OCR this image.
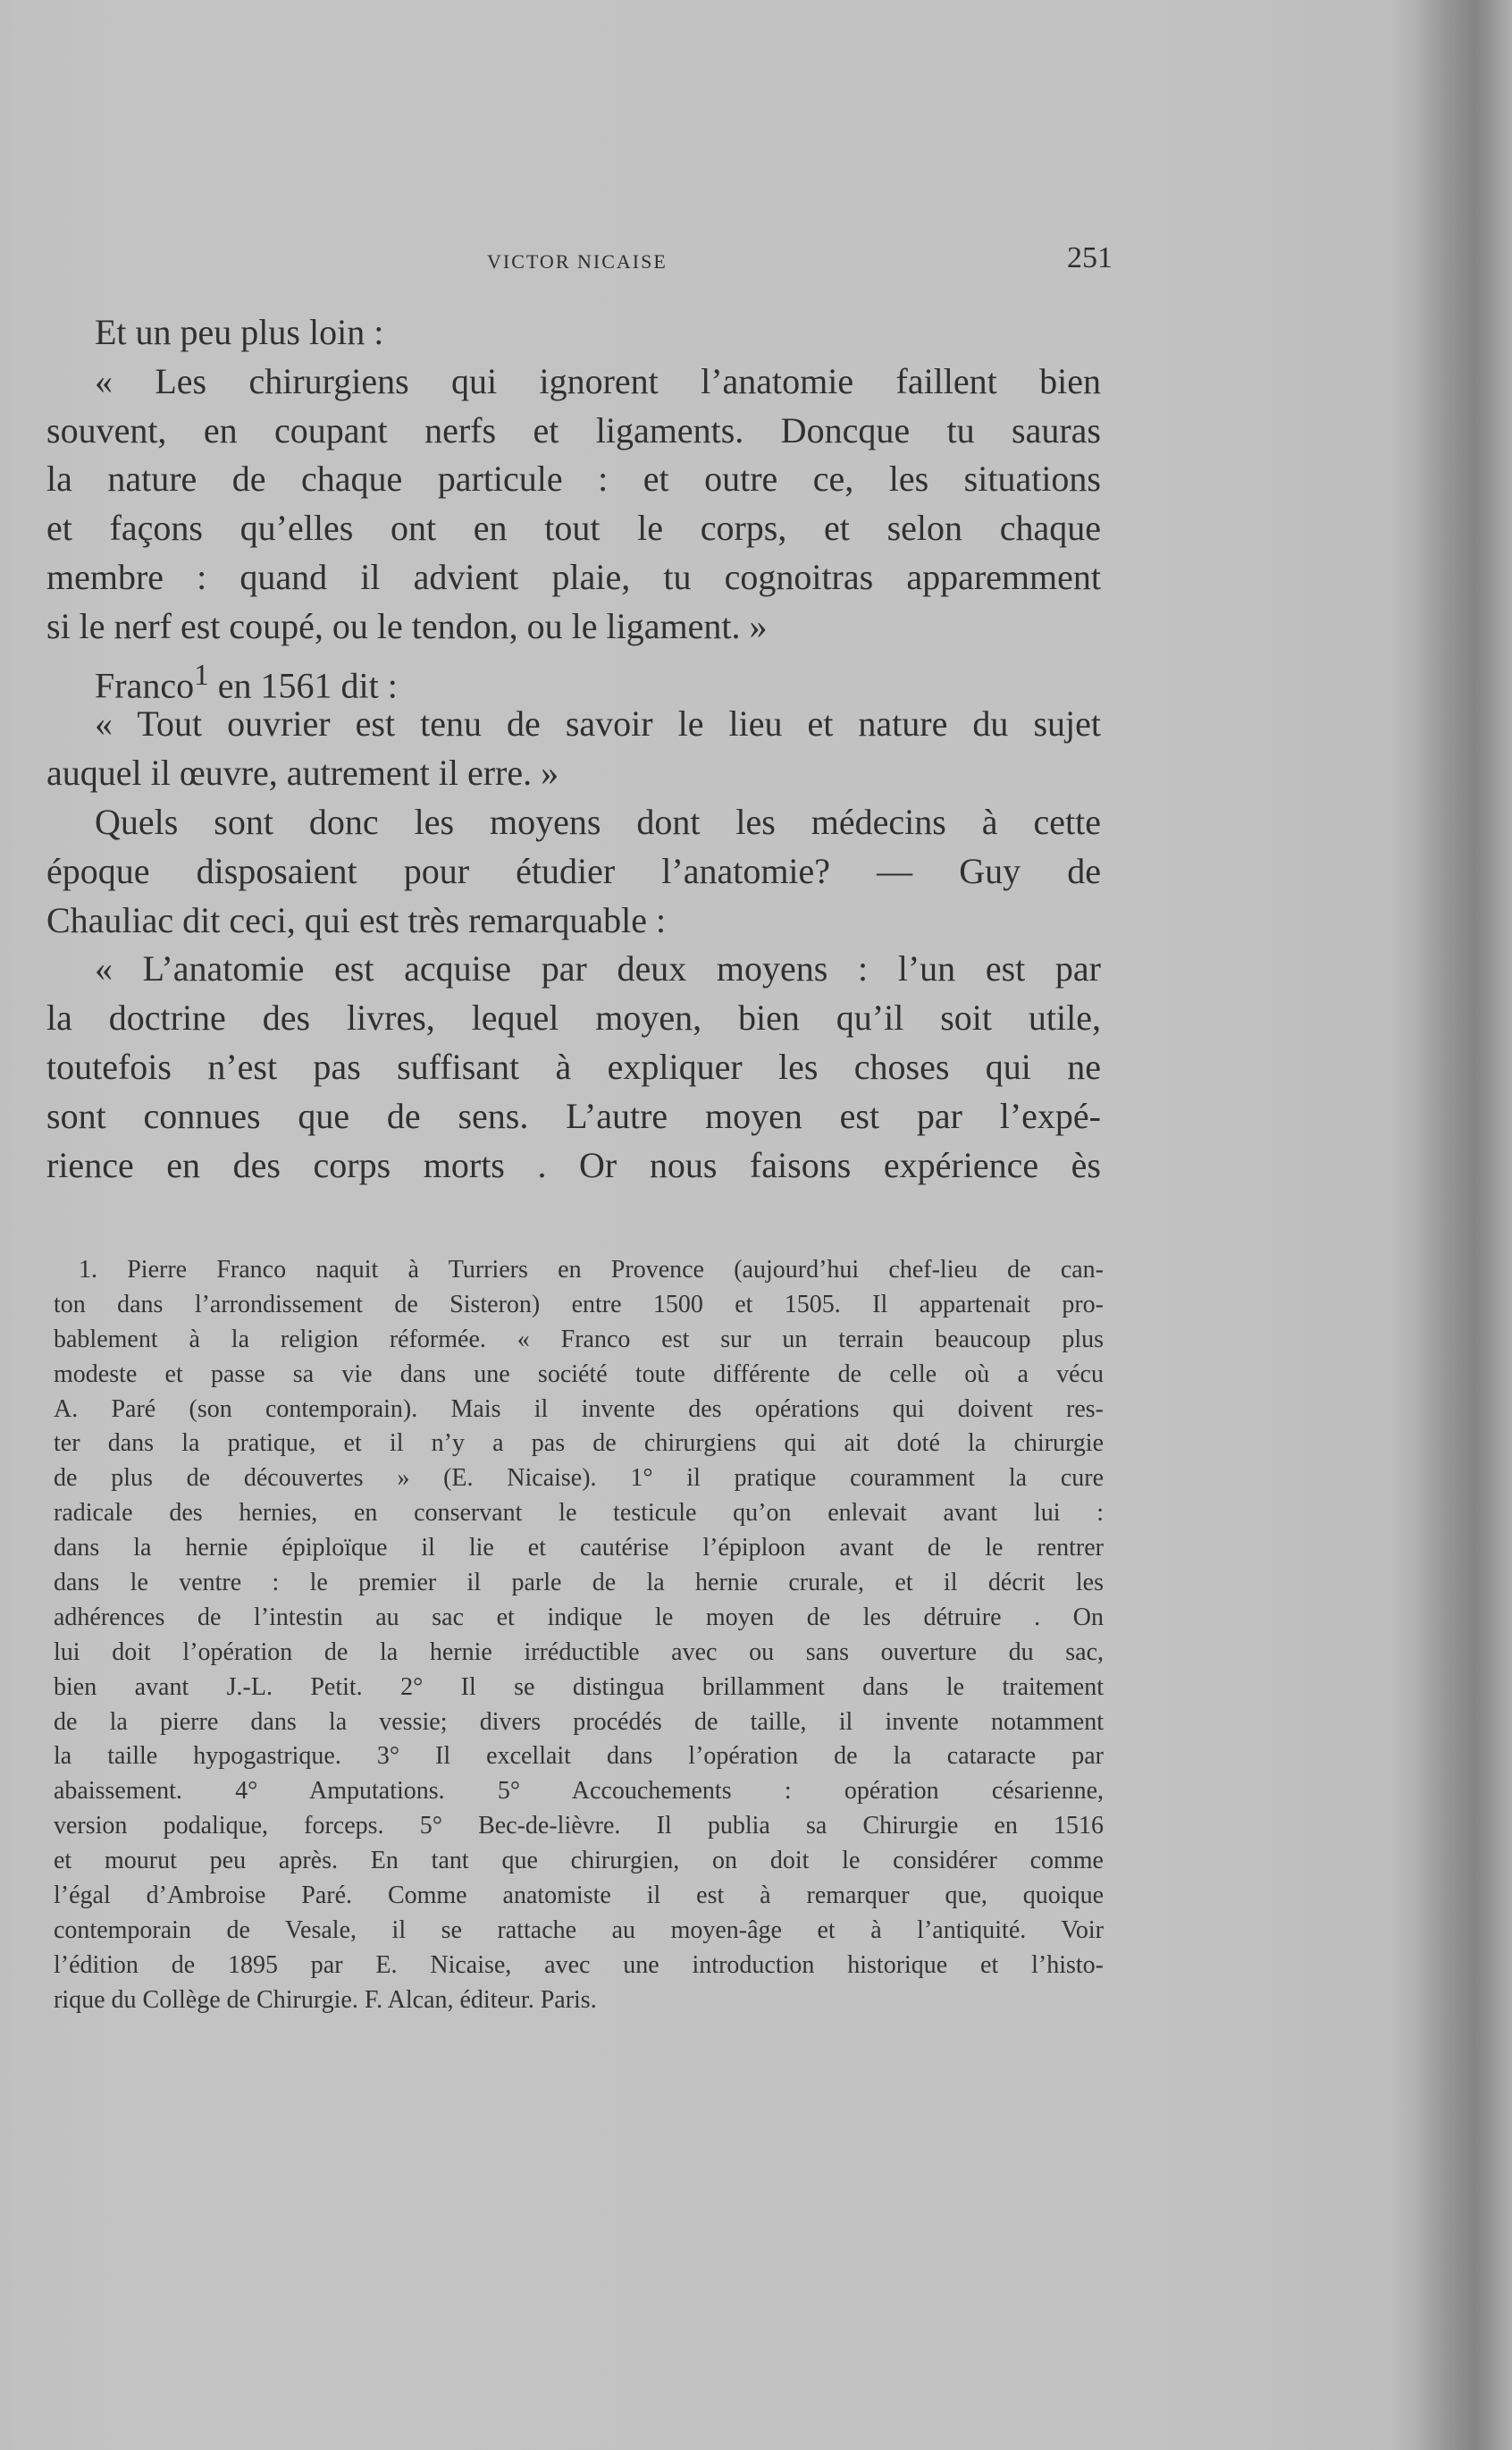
VICTOR NICAISE	251
Et un peu plus loin :
« Les chirurgiens qui ignorent l’anatomie faillent bien
souvent, en coupant nerfs et ligaments. Doncque tu sauras
la nature de chaque particule : et outre ce, les situations
et façons qu’elles ont en tout le corps, et selon chaque
membre : quand il advient plaie, tu cognoitras apparemment
si le nerf est coupé, ou le tendon, ou le ligament. »
Franco$^1$ en 1561 dit :
« Tout ouvrier est tenu de savoir le lieu et nature du sujet
auquel il œuvre, autrement il erre. »
Quels sont donc les moyens dont les médecins à cette
époque disposaient pour étudier l’anatomie? — Guy de
Chauliac dit ceci, qui est très remarquable :
« L’anatomie est acquise par deux moyens : l’un est par
la doctrine des livres, lequel moyen, bien qu’il soit utile,
toutefois n’est pas suffisant à expliquer les choses qui ne
sont connues que de sens. L’autre moyen est par l’expé-
rience en des corps morts . Or nous faisons expérience ès
1. Pierre Franco naquit à Turriers en Provence (aujourd’hui chef-lieu de can-
ton dans l’arrondissement de Sisteron) entre 1500 et 1505. Il appartenait pro-
bablement à la religion réformée. « Franco est sur un terrain beaucoup plus
modeste et passe sa vie dans une société toute différente de celle où a vécu
A. Paré (son contemporain). Mais il invente des opérations qui doivent res-
ter dans la pratique, et il n’y a pas de chirurgiens qui ait doté la chirurgie
de plus de découvertes » (E. Nicaise). 1° il pratique couramment la cure
radicale des hernies, en conservant le testicule qu’on enlevait avant lui :
dans la hernie épiploïque il lie et cautérise l’épiploon avant de le rentrer
dans le ventre : le premier il parle de la hernie crurale, et il décrit les
adhérences de l’intestin au sac et indique le moyen de les détruire . On
lui doit l’opération de la hernie irréductible avec ou sans ouverture du sac,
bien avant J.-L. Petit. 2° Il se distingua brillamment dans le traitement
de la pierre dans la vessie; divers procédés de taille, il invente notamment
la taille hypogastrique. 3° Il excellait dans l’opération de la cataracte par
abaissement. 4° Amputations. 5° Accouchements : opération césarienne,
version podalique, forceps. 5° Bec-de-lièvre. Il publia sa Chirurgie en 1516
et mourut peu après. En tant que chirurgien, on doit le considérer comme
l’égal d’Ambroise Paré. Comme anatomiste il est à remarquer que, quoique
contemporain de Vesale, il se rattache au moyen-âge et à l’antiquité. Voir
l’édition de 1895 par E. Nicaise, avec une introduction historique et l’histo-
rique du Collège de Chirurgie. F. Alcan, éditeur. Paris.
